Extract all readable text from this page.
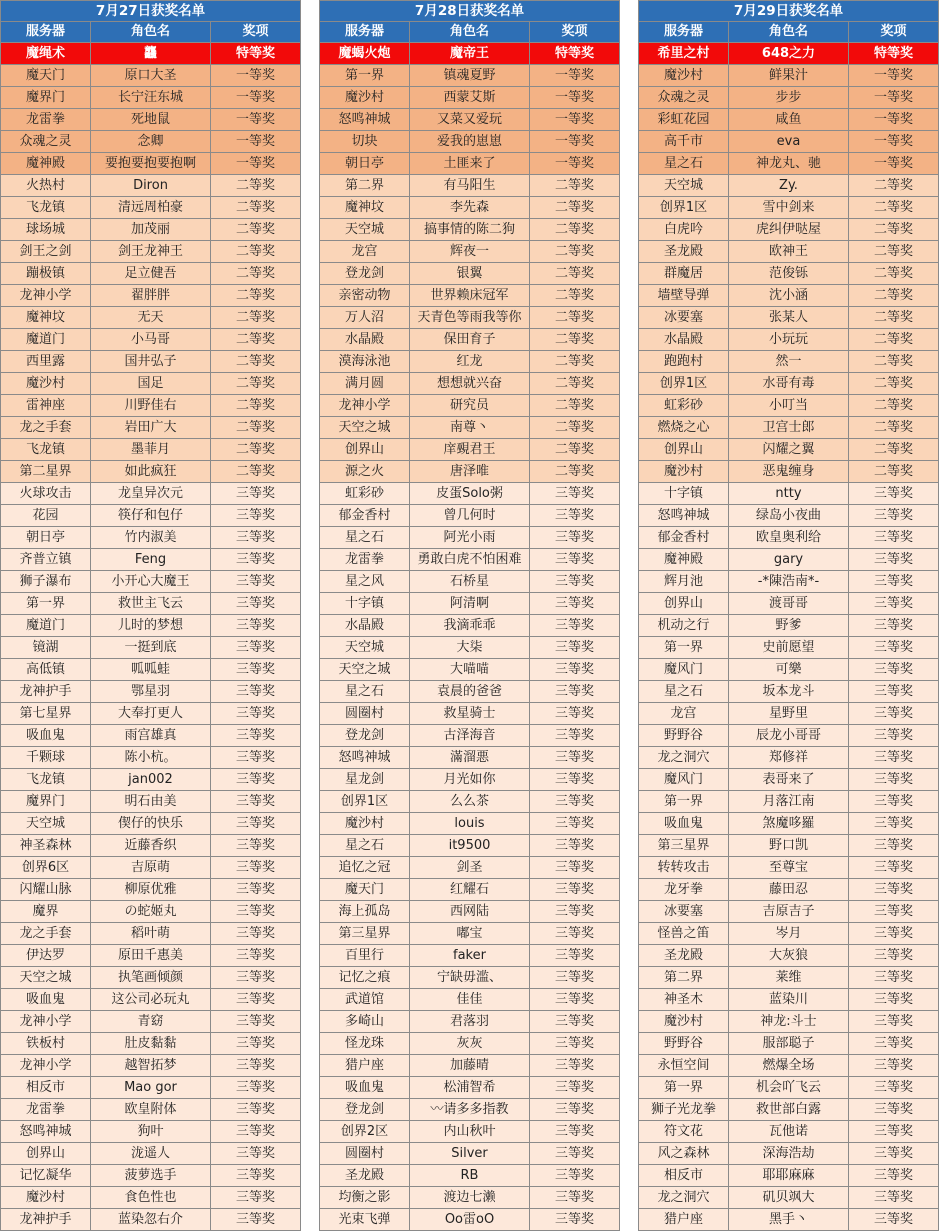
7月27日获奖名单		
服务器	角色名	奖项
魔绳术	龘	特等奖
魔天门	原口大圣	一等奖
魔界门	长宁汪东城	一等奖
龙雷拳	死地鼠	一等奖
众魂之灵	念卿	一等奖
魔神殿	要抱要抱要抱啊	一等奖
火热村	Diron	二等奖
飞龙镇	清远周柏豪	二等奖
球场城	加茂丽	二等奖
剑王之剑	剑王龙神王	二等奖
蹦极镇	足立健吾	二等奖
龙神小学	翟胖胖	二等奖
魔神坟	无天	二等奖
魔道门	小马哥	二等奖
西里露	国井弘子	二等奖
魔沙村	国足	二等奖
雷神座	川野佳右	二等奖
龙之手套	岩田广大	二等奖
飞龙镇	墨菲月	二等奖
第二星界	如此疯狂	二等奖
火球攻击	龙皇异次元	三等奖
花园	筷仔和包仔	三等奖
朝日亭	竹内淑美	三等奖
齐普立镇	Feng	三等奖
狮子瀑布	小开心大魔王	三等奖
第一界	救世主飞云	三等奖
魔道门	儿时的梦想	三等奖
镜湖	一挺到底	三等奖
高低镇	呱呱蛙	三等奖
龙神护手	鄂星羽	三等奖
第七星界	大奉打更人	三等奖
吸血鬼	雨宫雄真	三等奖
千颗球	陈小杭。	三等奖
飞龙镇	jan002	三等奖
魔界门	明石由美	三等奖
天空城	偰仔的快乐	三等奖
神圣森林	近藤香织	三等奖
创界6区	吉原萌	三等奖
闪耀山脉	柳原优雅	三等奖
魔界	の蛇姬丸	三等奖
龙之手套	稻叶萌	三等奖
伊达罗	原田千惠美	三等奖
天空之城	执笔画倾颜	三等奖
吸血鬼	这公司必玩丸	三等奖
龙神小学	青窈	三等奖
铁板村	肚皮黏黏	三等奖
龙神小学	越智拓梦	三等奖
相反市	Mao gor	三等奖
龙雷拳	欧皇附体	三等奖
怒鸣神城	狗叶	三等奖
创界山	泷遥人	三等奖
记忆凝华	菠萝选手	三等奖
魔沙村	食色性也	三等奖
龙神护手	蓝染忽右介	三等奖
7月28日获奖名单		
服务器	角色名	奖项
魔蝎火炮	魔帝王	特等奖
第一界	镇魂夏野	一等奖
魔沙村	西蒙艾斯	一等奖
怒鸣神城	又菜又爱玩	一等奖
切块	爱我的崽崽	一等奖
朝日亭	土匪来了	一等奖
第二界	有马阳生	二等奖
魔神坟	李先森	二等奖
天空城	搞事情的陈二狗	二等奖
龙宫	辉夜一	二等奖
登龙剑	银翼	二等奖
亲密动物	世界赖床冠军	二等奖
万人沼	天青色等雨我等你	二等奖
水晶殿	保田育子	二等奖
漠海泳池	红龙	二等奖
满月圆	想想就兴奋	二等奖
龙神小学	研究员	二等奖
天空之城	南尊丶	二等奖
创界山	庠覡君王	二等奖
源之火	唐泽唯	二等奖
虹彩砂	皮蛋Solo粥	三等奖
郁金香村	曾几何时	三等奖
星之石	阿光小雨	三等奖
龙雷拳	勇敢白虎不怕困难	三等奖
星之风	石桥星	三等奖
十字镇	阿清啊	三等奖
水晶殿	我滴乖乖	三等奖
天空城	大柒	三等奖
天空之城	大喵喵	三等奖
星之石	袁晨的爸爸	三等奖
圆圈村	救星骑士	三等奖
登龙剑	古泽海音	三等奖
怒鸣神城	滿溜悪	三等奖
星龙剑	月光如你	三等奖
创界1区	么么茶	三等奖
魔沙村	louis	三等奖
星之石	it9500	三等奖
追忆之冠	剑圣	三等奖
魔天门	红耀石	三等奖
海上孤岛	西网陆	三等奖
第三星界	嘟宝	三等奖
百里行	faker	三等奖
记忆之痕	宁缺毋滥、	三等奖
武道馆	佳佳	三等奖
多崎山	君落羽	三等奖
怪龙珠	灰灰	三等奖
猎户座	加藤晴	三等奖
吸血鬼	松浦智希	三等奖
登龙剑	〰请多多指教	三等奖
创界2区	内山秋叶	三等奖
圆圈村	Silver	三等奖
圣龙殿	RB	三等奖
均衡之影	渡边七濑	三等奖
光束飞弹	Oo雷oO	三等奖
7月29日获奖名单		
服务器	角色名	奖项
希里之村	648之力	特等奖
魔沙村	鲜果汁	一等奖
众魂之灵	步步	一等奖
彩虹花园	咸鱼	一等奖
高千市	eva	一等奖
星之石	神龙丸、驰	一等奖
天空城	Zy.	二等奖
创界1区	雪中剑来	二等奖
白虎吟	虎纠伊哒屋	二等奖
圣龙殿	欧神王	二等奖
群魔居	范俊铄	二等奖
墙壁导弹	沈小涵	二等奖
冰要塞	张某人	二等奖
水晶殿	小玩玩	二等奖
跑跑村	然一	二等奖
创界1区	水哥有毒	二等奖
虹彩砂	小叮当	二等奖
燃烧之心	卫宫士郎	二等奖
创界山	闪耀之翼	二等奖
魔沙村	恶鬼缠身	二等奖
十字镇	ntty	三等奖
怒鸣神城	绿岛小夜曲	三等奖
郁金香村	欧皇奥利给	三等奖
魔神殿	gary	三等奖
辉月池	-*陳浩南*-	三等奖
创界山	渡哥哥	三等奖
机动之行	野爹	三等奖
第一界	史前愿望	三等奖
魔风门	可樂	三等奖
星之石	坂本龙斗	三等奖
龙宫	星野里	三等奖
野野谷	辰龙小哥哥	三等奖
龙之洞穴	郑修祥	三等奖
魔风门	表哥来了	三等奖
第一界	月落江南	三等奖
吸血鬼	煞魔哆羅	三等奖
第三星界	野口凯	三等奖
转转攻击	至尊宝	三等奖
龙牙拳	藤田忍	三等奖
冰要塞	吉原吉子	三等奖
怪兽之笛	岑月	三等奖
圣龙殿	大灰狼	三等奖
第二界	莱维	三等奖
神圣木	蓝染川	三等奖
魔沙村	神龙:斗士	三等奖
野野谷	服部聪子	三等奖
永恒空间	燃爆全场	三等奖
第一界	机会吖飞云	三等奖
狮子光龙拳	救世部白露	三等奖
符文花	瓦他诺	三等奖
风之森林	深海浩劫	三等奖
相反市	耶耶麻麻	三等奖
龙之洞穴	矶贝飒大	三等奖
猎户座	黑手丶	三等奖
